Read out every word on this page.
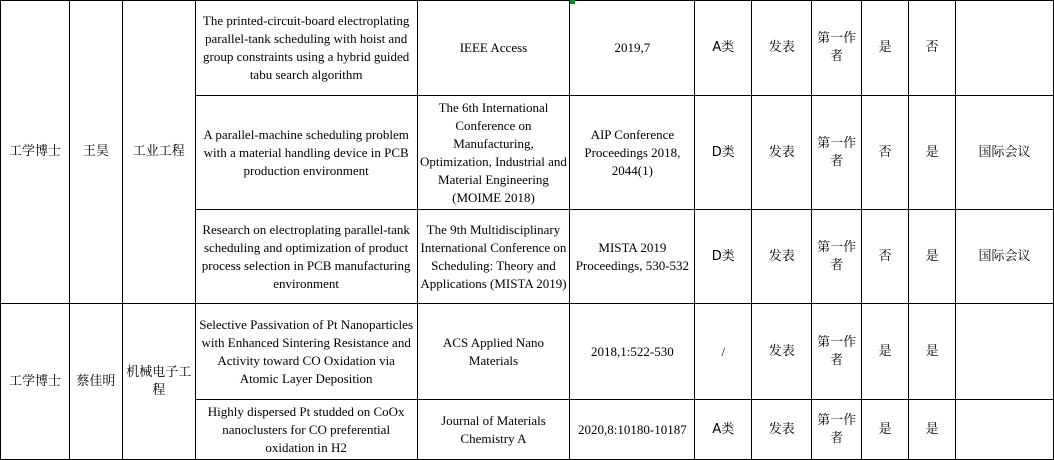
工学博士	王昊	工业工程	The printed-circuit-board electroplating parallel-tank scheduling with hoist and group constraints using a hybrid guided tabu search algorithm	IEEE Access	2019,7	A类	发表	第一作者	是	否	
			A parallel-machine scheduling problem with a material handling device in PCB production environment	The 6th International Conference on Manufacturing, Optimization, Industrial and Material Engineering (MOIME 2018)	AIP Conference Proceedings 2018, 2044(1)	D类	发表	第一作者	否	是	国际会议
			Research on electroplating parallel-tank scheduling and optimization of product process selection in PCB manufacturing environment	The 9th Multidisciplinary International Conference on Scheduling: Theory and Applications (MISTA 2019)	MISTA 2019 Proceedings, 530-532	D类	发表	第一作者	否	是	国际会议
工学博士	蔡佳明	机械电子工程	Selective Passivation of Pt Nanoparticles with Enhanced Sintering Resistance and Activity toward CO Oxidation via Atomic Layer Deposition	ACS Applied Nano Materials	2018,1:522-530	/	发表	第一作者	是	是	
			Highly dispersed Pt studded on CoOx nanoclusters for CO preferential oxidation in H2	Journal of Materials Chemistry A	2020,8:10180-10187	A类	发表	第一作者	是	是	
